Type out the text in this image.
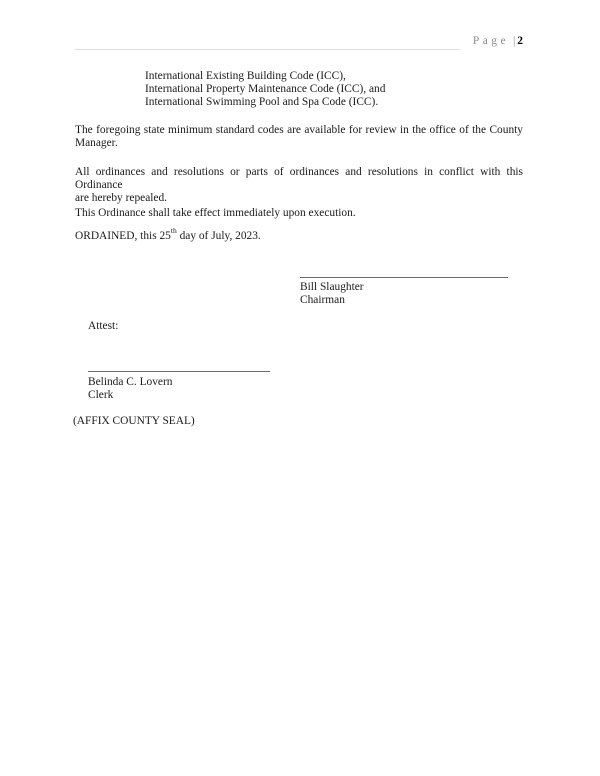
Page | 2
International Existing Building Code (ICC),
International Property Maintenance Code (ICC), and
International Swimming Pool and Spa Code (ICC).
The foregoing state minimum standard codes are available for review in the office of the County
Manager.
All ordinances and resolutions or parts of ordinances and resolutions in conflict with this Ordinance
are hereby repealed.
This Ordinance shall take effect immediately upon execution.
ORDAINED, this 25th day of July, 2023.
Bill Slaughter
Chairman
Attest:
Belinda C. Lovern
Clerk
(AFFIX COUNTY SEAL)
